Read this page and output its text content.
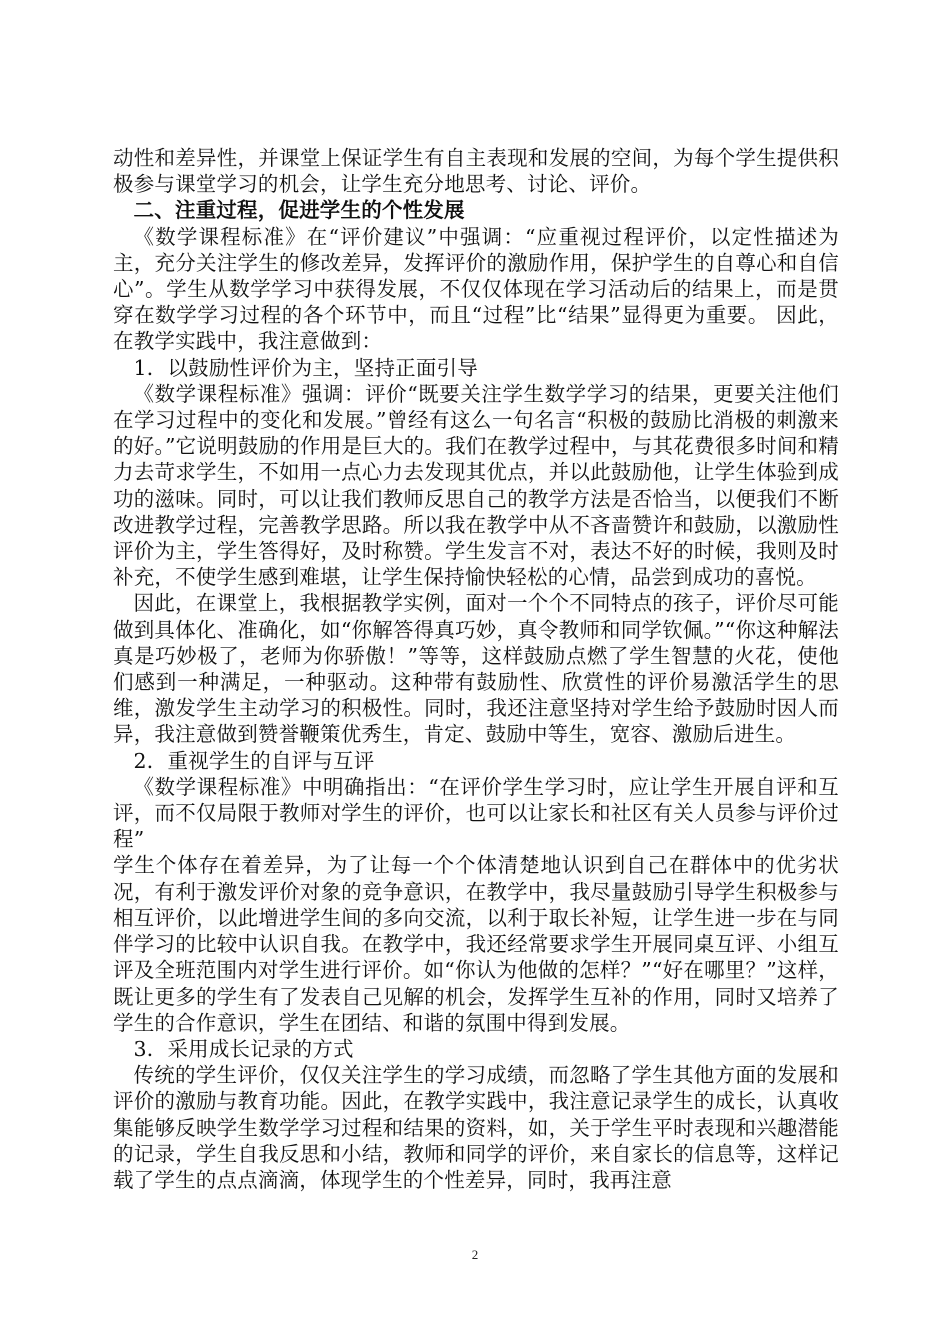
动性和差异性，并课堂上保证学生有自主表现和发展的空间，为每个学生提供积极参与课堂学习的机会，让学生充分地思考、讨论、评价。

二、注重过程，促进学生的个性发展

《数学课程标准》在“评价建议”中强调：“应重视过程评价，以定性描述为主，充分关注学生的修改差异，发挥评价的激励作用，保护学生的自尊心和自信心”。学生从数学学习中获得发展，不仅仅体现在学习活动后的结果上，而是贯穿在数学学习过程的各个环节中，而且“过程”比“结果”显得更为重要。 因此，在教学实践中，我注意做到：

1．以鼓励性评价为主，坚持正面引导

《数学课程标准》强调：评价“既要关注学生数学学习的结果，更要关注他们在学习过程中的变化和发展。”曾经有这么一句名言“积极的鼓励比消极的刺激来的好。”它说明鼓励的作用是巨大的。我们在教学过程中，与其花费很多时间和精力去苛求学生，不如用一点心力去发现其优点，并以此鼓励他，让学生体验到成功的滋味。同时，可以让我们教师反思自己的教学方法是否恰当，以便我们不断改进教学过程，完善教学思路。所以我在教学中从不吝啬赞许和鼓励，以激励性评价为主，学生答得好，及时称赞。学生发言不对，表达不好的时候，我则及时补充，不使学生感到难堪，让学生保持愉快轻松的心情，品尝到成功的喜悦。

因此，在课堂上，我根据教学实例，面对一个个不同特点的孩子，评价尽可能做到具体化、准确化，如“你解答得真巧妙，真令教师和同学钦佩。”“你这种解法真是巧妙极了，老师为你骄傲！”等等，这样鼓励点燃了学生智慧的火花，使他们感到一种满足，一种驱动。这种带有鼓励性、欣赏性的评价易激活学生的思维，激发学生主动学习的积极性。同时，我还注意坚持对学生给予鼓励时因人而异，我注意做到赞誉鞭策优秀生，肯定、鼓励中等生，宽容、激励后进生。

2．重视学生的自评与互评

《数学课程标准》中明确指出：“在评价学生学习时，应让学生开展自评和互评，而不仅局限于教师对学生的评价，也可以让家长和社区有关人员参与评价过程”

学生个体存在着差异，为了让每一个个体清楚地认识到自己在群体中的优劣状况，有利于激发评价对象的竞争意识，在教学中，我尽量鼓励引导学生积极参与相互评价，以此增进学生间的多向交流，以利于取长补短，让学生进一步在与同伴学习的比较中认识自我。在教学中，我还经常要求学生开展同桌互评、小组互评及全班范围内对学生进行评价。如“你认为他做的怎样？”“好在哪里？”这样，既让更多的学生有了发表自己见解的机会，发挥学生互补的作用，同时又培养了学生的合作意识，学生在团结、和谐的氛围中得到发展。

3．采用成长记录的方式

传统的学生评价，仅仅关注学生的学习成绩，而忽略了学生其他方面的发展和评价的激励与教育功能。因此，在教学实践中，我注意记录学生的成长，认真收集能够反映学生数学学习过程和结果的资料，如，关于学生平时表现和兴趣潜能的记录，学生自我反思和小结，教师和同学的评价，来自家长的信息等，这样记载了学生的点点滴滴，体现学生的个性差异，同时，我再注意

2
